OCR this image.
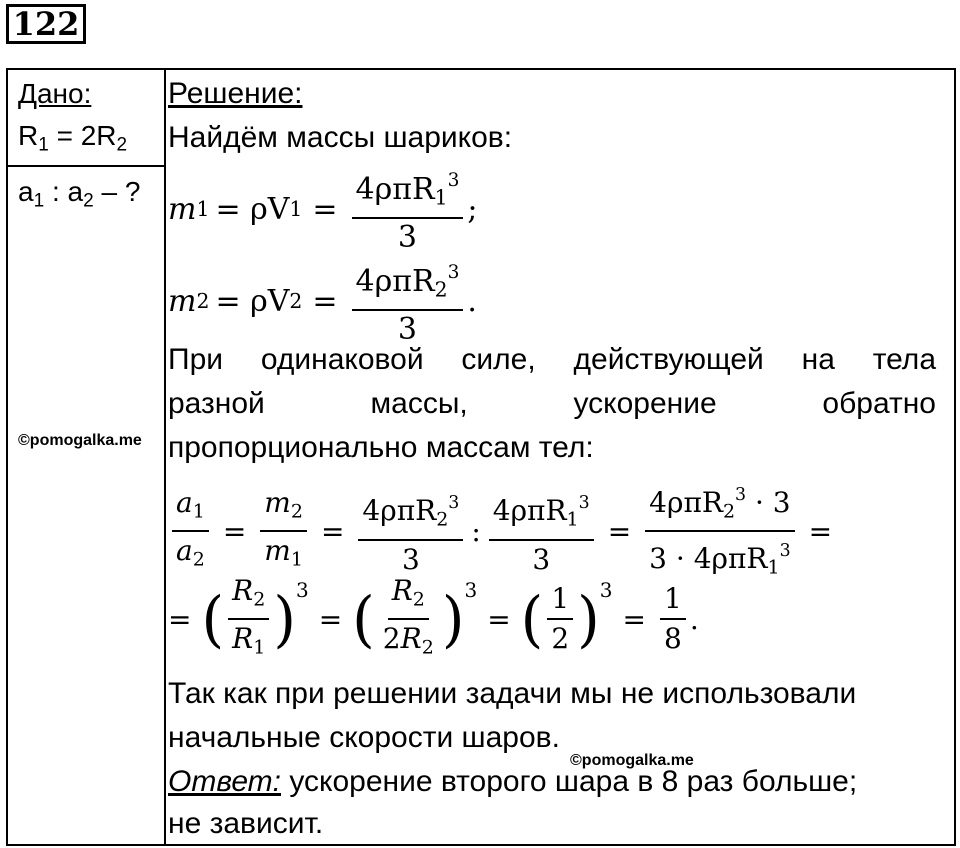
122
Дано:
$R_1 = 2R_2$
$a_1$ : $a_2$ – ?
Решение:
Найдём массы шариков:
m 1 = ρV $1 = \frac{4\rho\pi R_1^3}{3}$ ;
m 2 = ρV $2 = \frac{4\rho\pi R_2^3}{3}$ .
При одинаковой силе, действующей на тела
разной	массы,	ускорение	обратно
пропорционально массам тел:
$\frac{a_1}{a_2} = \frac{m_2}{m_1} = \frac{4\rho\pi R_2^3}{3}$ : $\frac{4\rho\pi R_1^3}{3} = \frac{4\rho\pi R_2^3 \cdot 3}{3 \cdot 4\rho\pi R_1^3}$ =
= ( $\frac{R_2}{R_1}$ ) 3
= ( $\frac{R_2}{2R_2}$ ) 3
= ( $\frac{1}{2}$ ) 3
= $\frac{1}{8}$ .
Так как при решении задачи мы не использовали
начальные скорости шаров.
Ответ: ускорение второго шара в 8 раз больше;
не зависит.
©pomogalka.me
©pomogalka.me
